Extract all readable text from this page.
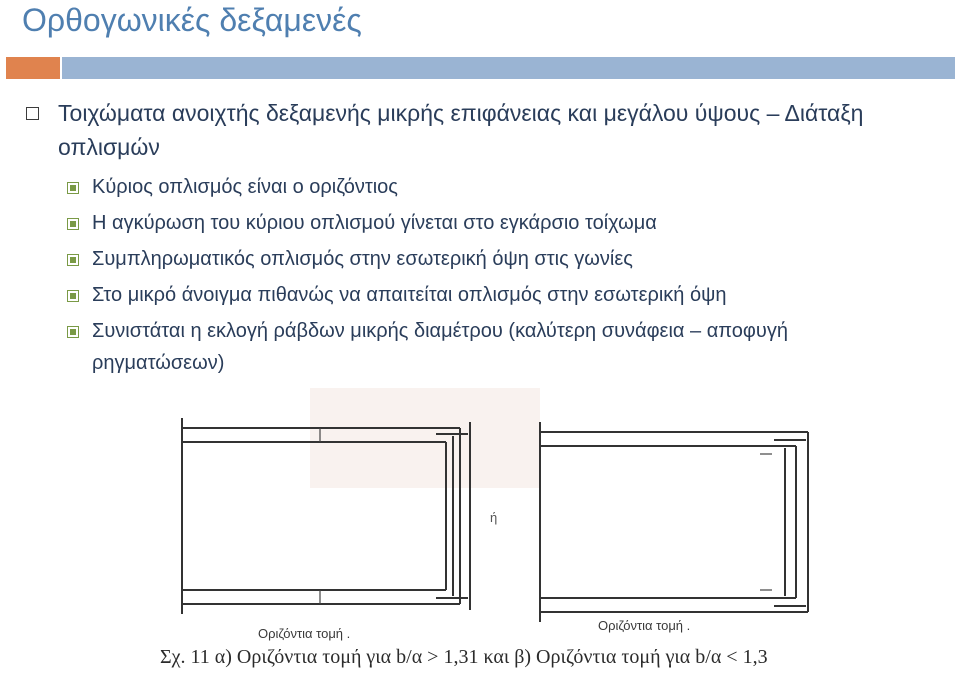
Ορθογωνικές δεξαμενές
Τοιχώματα ανοιχτής δεξαμενής μικρής επιφάνειας και μεγάλου ύψους – Διάταξη οπλισμών
Κύριος οπλισμός είναι ο οριζόντιος
Η αγκύρωση του κύριου οπλισμού γίνεται στο εγκάρσιο τοίχωμα
Συμπληρωματικός οπλισμός στην εσωτερική όψη στις γωνίες
Στο μικρό άνοιγμα πιθανώς να απαιτείται οπλισμός στην εσωτερική όψη
Συνιστάται η εκλογή ράβδων μικρής διαμέτρου (καλύτερη συνάφεια – αποφυγή ρηγματώσεων)
ή
Οριζόντια τομή .
Οριζόντια τομή .
Σχ. 11 α) Οριζόντια τομή για b/α > 1,31 και β) Οριζόντια τομή για b/α < 1,3
